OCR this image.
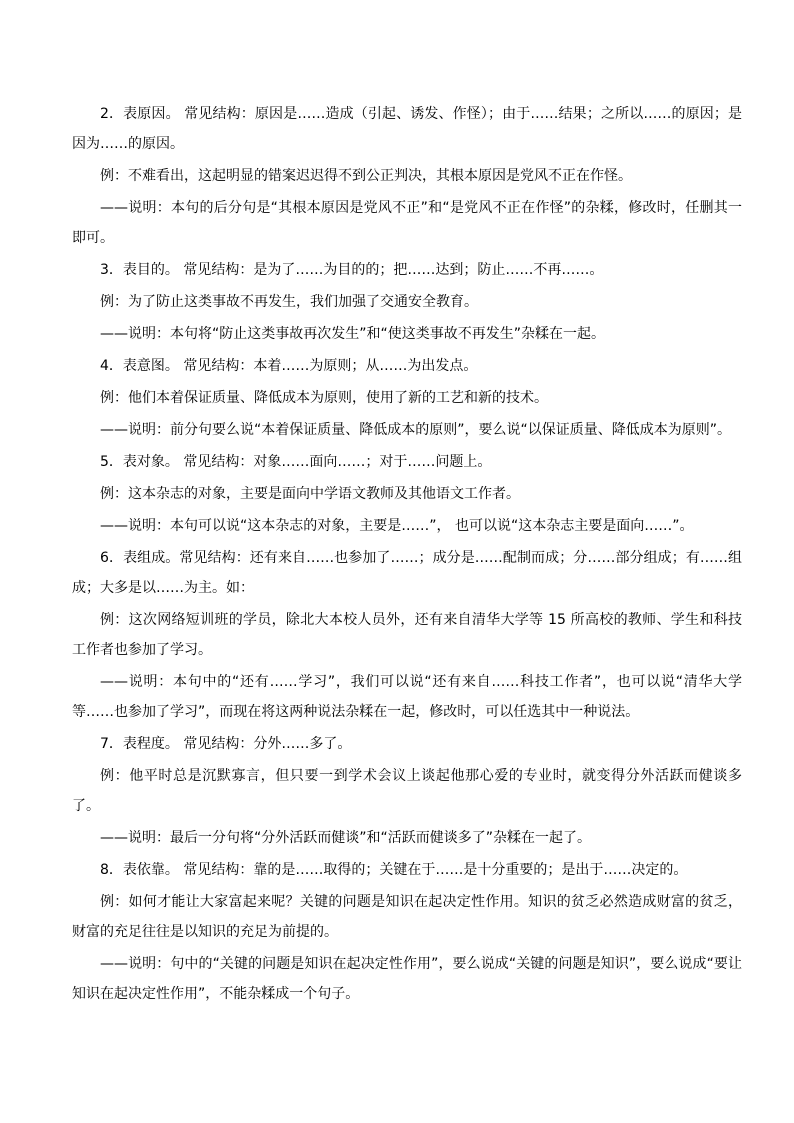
2．表原因。 常见结构：原因是……造成（引起、诱发、作怪）；由于……结果；之所以……的原因；是因为……的原因。

例：不难看出，这起明显的错案迟迟得不到公正判决，其根本原因是党风不正在作怪。

——说明：本句的后分句是“其根本原因是党风不正”和“是党风不正在作怪”的杂糅，修改时，任删其一即可。

3．表目的。 常见结构：是为了……为目的的；把……达到；防止……不再……。

例：为了防止这类事故不再发生，我们加强了交通安全教育。

——说明：本句将“防止这类事故再次发生”和“使这类事故不再发生”杂糅在一起。

4．表意图。 常见结构：本着……为原则；从……为出发点。

例：他们本着保证质量、降低成本为原则，使用了新的工艺和新的技术。

——说明：前分句要么说“本着保证质量、降低成本的原则”，要么说“以保证质量、降低成本为原则”。

5．表对象。 常见结构：对象……面向……；对于……问题上。

例：这本杂志的对象，主要是面向中学语文教师及其他语文工作者。

——说明：本句可以说“这本杂志的对象，主要是……”， 也可以说“这本杂志主要是面向……”。

6．表组成。常见结构：还有来自……也参加了……；成分是……配制而成；分……部分组成；有……组成；大多是以……为主。如：

例：这次网络短训班的学员，除北大本校人员外，还有来自清华大学等 15 所高校的教师、学生和科技工作者也参加了学习。

——说明：本句中的“还有……学习”，我们可以说“还有来自……科技工作者”，也可以说“清华大学等……也参加了学习”，而现在将这两种说法杂糅在一起，修改时，可以任选其中一种说法。

7．表程度。 常见结构：分外……多了。

例：他平时总是沉默寡言，但只要一到学术会议上谈起他那心爱的专业时，就变得分外活跃而健谈多了。

——说明：最后一分句将“分外活跃而健谈”和“活跃而健谈多了”杂糅在一起了。

8．表依靠。 常见结构：靠的是……取得的；关键在于……是十分重要的；是出于……决定的。

例：如何才能让大家富起来呢？关键的问题是知识在起决定性作用。知识的贫乏必然造成财富的贫乏，财富的充足往往是以知识的充足为前提的。

——说明：句中的“关键的问题是知识在起决定性作用”，要么说成“关键的问题是知识”，要么说成“要让知识在起决定性作用”，不能杂糅成一个句子。
